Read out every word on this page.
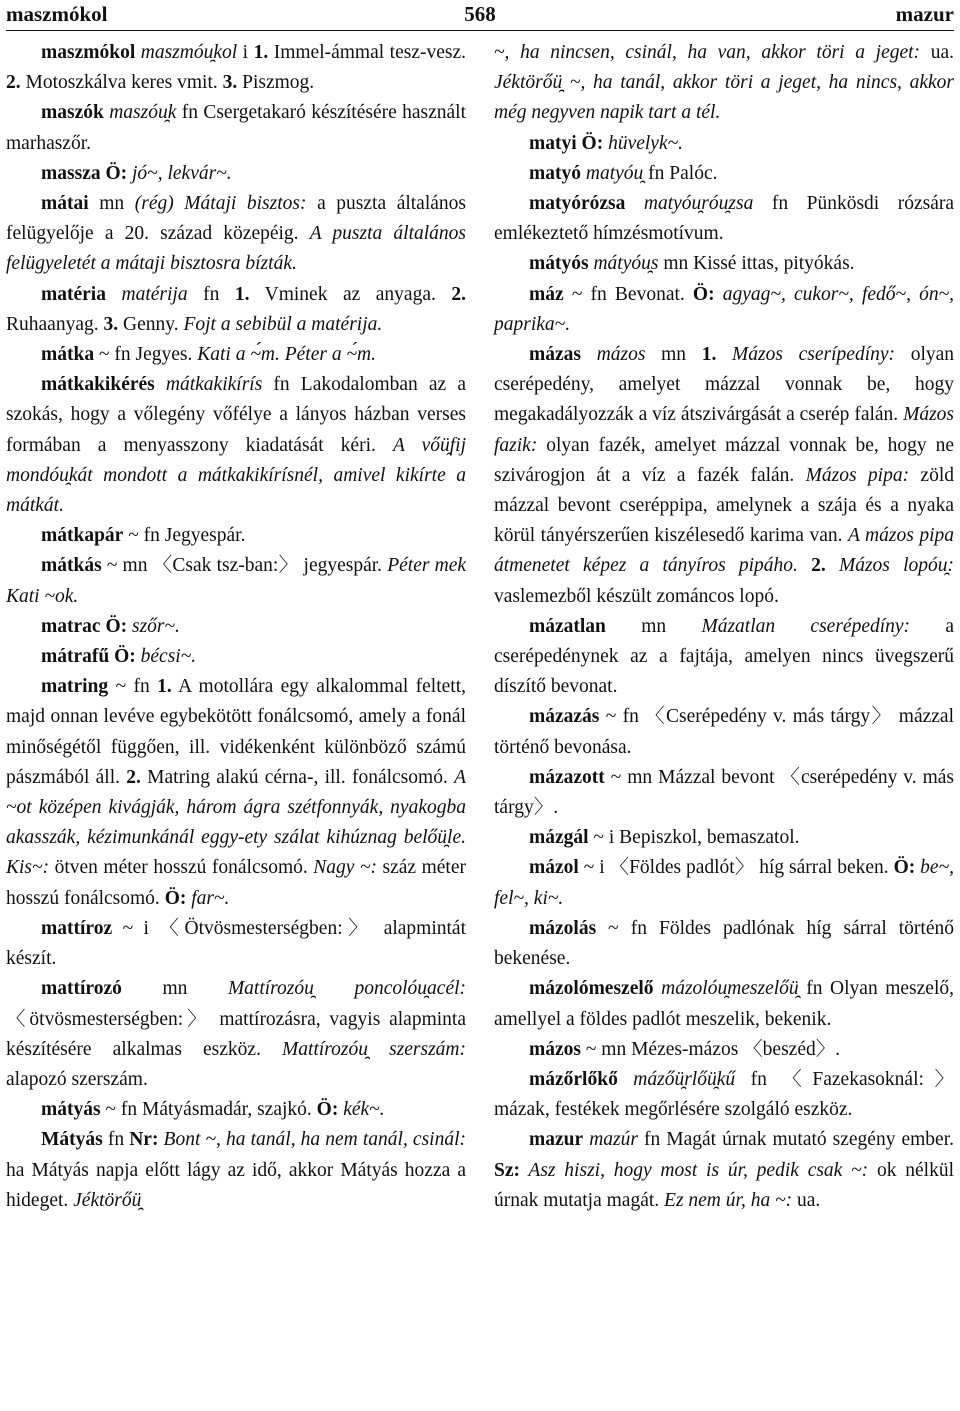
maszmókol	568	mazur

maszmókol maszmóu̯kol i 1. Immel-ámmal tesz-vesz. 2. Motoszkálva keres vmit. 3. Piszmog.

maszók maszóu̯k fn Csergetakaró készítésére használt marhaszőr.

massza Ö: jó~, lekvár~.

mátai mn (rég) Mátaji bisztos: a puszta általános felügyelője a 20. század közepéig. A puszta általános felügyeletét a mátaji bisztosra bízták.

matéria matérija fn 1. Vminek az anyaga. 2. Ruhaanyag. 3. Genny. Fojt a sebibül a matérija.

mátka ~ fn Jegyes. Kati a ~́m. Péter a ~́m.

mátkakikérés mátkakikírís fn Lakodalomban az a szokás, hogy a vőlegény vőfélye a lányos házban verses formában a menyasszony kiadatását kéri. A vőü̯fij mondóu̯kát mondott a mátkakikírísnél, amivel kikírte a mátkát.

mátkapár ~ fn Jegyespár.

mátkás ~ mn 〈Csak tsz-ban:〉 jegyespár. Péter mek Kati ~ok.

matrac Ö: szőr~.

mátrafű Ö: bécsi~.

matring ~ fn 1. A motollára egy alkalommal feltett, majd onnan levéve egybekötött fonálcsomó, amely a fonál minőségétől függően, ill. vidékenként különböző számú pászmából áll. 2. Matring alakú cérna-, ill. fonálcsomó. A ~ot középen kivágják, három ágra szétfonnyák, nyakogba akasszák, kézimunkánál eggy-ety szálat kihúznag belőü̯le. Kis~: ötven méter hosszú fonálcsomó. Nagy ~: száz méter hosszú fonálcsomó. Ö: far~.

mattíroz ~ i 〈Ötvösmesterségben:〉 alapmintát készít.

mattírozó mn Mattírozóu̯ poncolóu̯acél: 〈ötvösmesterségben:〉 mattírozásra, vagyis alapminta készítésére alkalmas eszköz. Mattírozóu̯ szerszám: alapozó szerszám.

mátyás ~ fn Mátyásmadár, szajkó. Ö: kék~.

Mátyás fn Nr: Bont ~, ha tanál, ha nem tanál, csinál: ha Mátyás napja előtt lágy az idő, akkor Mátyás hozza a hideget. Jéktörőü̯

~, ha nincsen, csinál, ha van, akkor töri a jeget: ua. Jéktörőü̯ ~, ha tanál, akkor töri a jeget, ha nincs, akkor még negyven napik tart a tél.

matyi Ö: hüvelyk~.

matyó matyóu̯ fn Palóc.

matyórózsa matyóu̯róu̯zsa fn Pünkösdi rózsára emlékeztető hímzésmotívum.

mátyós mátyóu̯s mn Kissé ittas, pityókás.

máz ~ fn Bevonat. Ö: agyag~, cukor~, fedő~, ón~, paprika~.

mázas mázos mn 1. Mázos cserípedíny: olyan cserépedény, amelyet mázzal vonnak be, hogy megakadályozzák a víz átszivárgását a cserép falán. Mázos fazik: olyan fazék, amelyet mázzal vonnak be, hogy ne szivárogjon át a víz a fazék falán. Mázos pipa: zöld mázzal bevont cseréppipa, amelynek a szája és a nyaka körül tányérszerűen kiszélesedő karima van. A mázos pipa átmenetet képez a tányíros pipáho. 2. Mázos lopóu̯: vaslemezből készült zománcos lopó.

mázatlan mn Mázatlan cserépedíny: a cserépedénynek az a fajtája, amelyen nincs üvegszerű díszítő bevonat.

mázazás ~ fn 〈Cserépedény v. más tárgy〉 mázzal történő bevonása.

mázazott ~ mn Mázzal bevont 〈cserépedény v. más tárgy〉.

mázgál ~ i Bepiszkol, bemaszatol.

mázol ~ i 〈Földes padlót〉 híg sárral beken. Ö: be~, fel~, ki~.

mázolás ~ fn Földes padlónak híg sárral történő bekenése.

mázolómeszelő mázolóu̯meszelőü̯ fn Olyan meszelő, amellyel a földes padlót meszelik, bekenik.

mázos ~ mn Mézes-mázos 〈beszéd〉.

mázőrlőkő mázőü̯rlőü̯kű fn 〈Fazekasoknál:〉 mázak, festékek megőrlésére szolgáló eszköz.

mazur mazúr fn Magát úrnak mutató szegény ember. Sz: Asz hiszi, hogy most is úr, pedik csak ~: ok nélkül úrnak mutatja magát. Ez nem úr, ha ~: ua.
